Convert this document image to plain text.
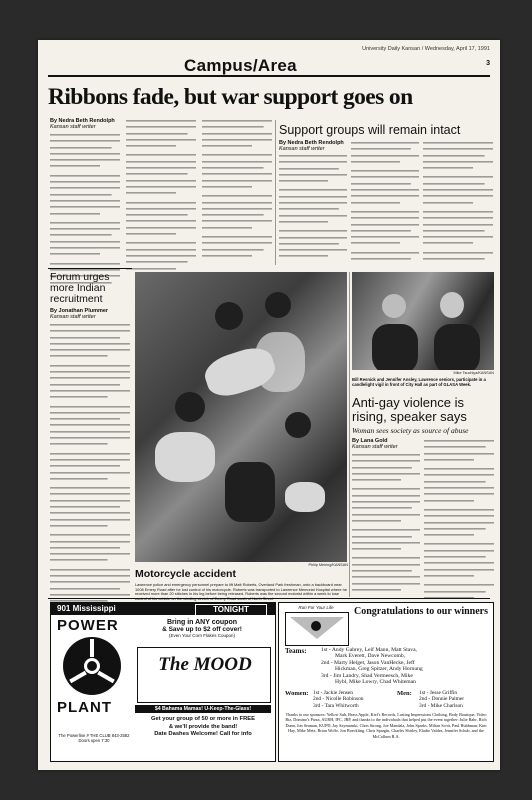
University Daily Kansan / Wednesday, April 17, 1991
Campus/Area	3
Ribbons fade, but war support goes on
By Nedra Beth Rendolph
Kansan staff writer	Support groups will remain intact
By Nedra Beth Rendolph
Kansan staff writer
Forum urges more Indian recruitment
By Jonathan Plummer
Kansan staff writer
Philip Meiring/KANSAN
Motorcycle accident
Lawrence police and emergency personnel prepare to lift Matt Roberts, Overland Park freshman, onto a backboard near 1008 Emery Road after he lost control of his motorcycle. Roberts was transported to Lawrence Memorial Hospital where he received more than 20 stitches in his leg before being released. Roberts was the second motorist within a week to lose control of his vehicle on the winding stretch of Emery Road south of North Street
Mike Tsuchiya/KANSAN
Bill Resnick and Jennifer Ansley, Lawrence seniors, participate in a candlelight vigil in front of City Hall as part of GLASA Week.
Anti-gay violence is rising, speaker says
Woman sees society as source of abuse
By Lana Gold
Kansan staff writer
901 Mississippi	TONIGHT
POWER
PLANT
The Powerline # THE CLUB 843-2582
Doors open 7:30
Bring in ANY coupon
& Save up to $2 off cover!
(Even Your Corn Flakes Coupon)
The MOOD
$4 Bahama Mamas! U-Keep-The-Glass!
Get your group of 50 or more in FREE
& we'll provide the band!
Date Dashes Welcome! Call for info
Run For Your Life	Congratulations to our winners
Teams:	1st - Andy Gabrey, Leif Mann, Matt Stava,
Mark Everett, Dave Newcomb,
2nd - Marty Helget, Jason VanHecke, Jeff
Hickman, Greg Spitzer, Andy Hornung
3rd - Jim Landry, Shad Vermeesch, Mike
Hybl, Mike Lowry, Chad Whiteman
Women: 1st - Jackie Jensen
2nd - Nicolle Robinson
3rd - Tara Whitworth
Men:	1st - Jesse Griffin
2nd - Donnie Palmer
3rd - Mike Charlson
Thanks to our sponsors: Yellow Sub, Brass Apple, Kief's Records, Lasting Impressions Clothing, Body Boutique, Video Biz, Domino's Pizza, AURH, IFC, JRP, and thanks to the individuals that helped put the event together: Julie Bahr, Rich Dunn, Jon Seaman, KUPD, Jay Szymanski, Chris Strong, Joe Mandala, John Sparks, Milton Scott, Paul Hubbman, Kim Hay, Mike Metz, Brian Wolfe, Jon Boeckling, Chris Spargin, Charles Shirley, Eladio Valdez, Jennifer Schub, and the McCollum R.A.
